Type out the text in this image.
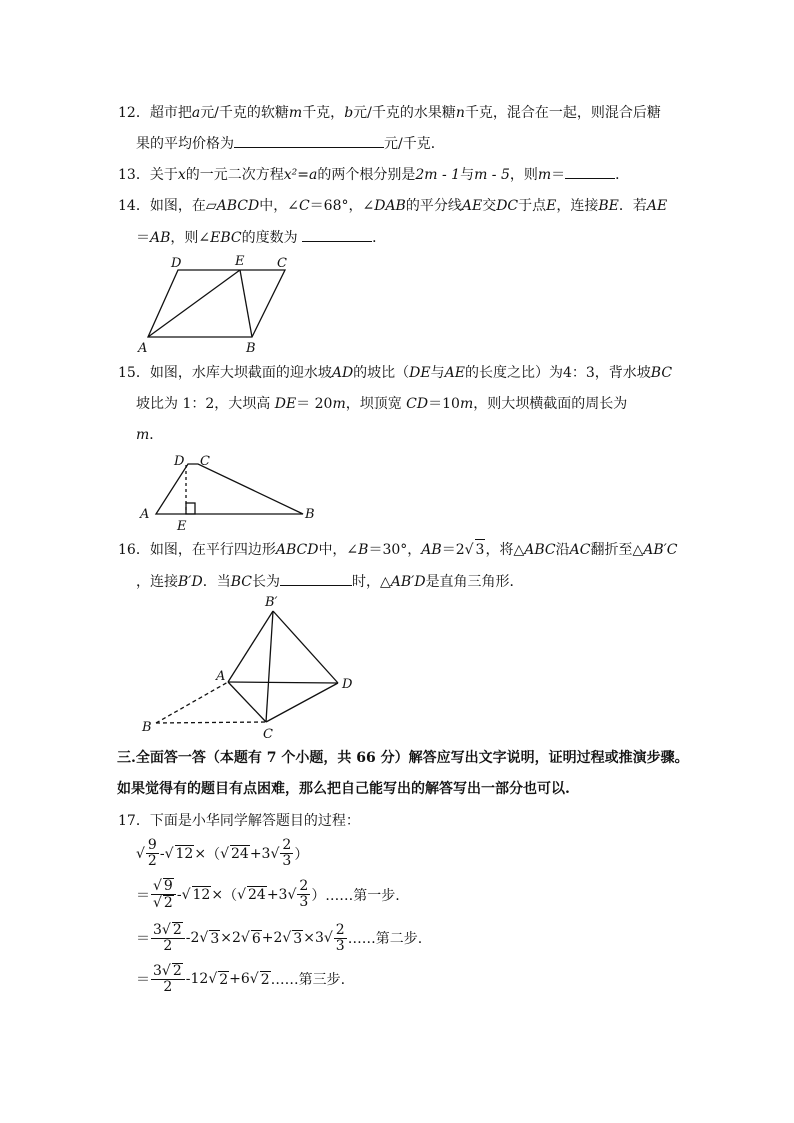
12．超市把a元/千克的软糖m千克，b元/千克的水果糖n千克，混合在一起，则混合后糖
果的平均价格为	元/千克．
13．关于x的一元二次方程x²=a的两个根分别是2m - 1与m - 5，则m＝	．
14．如图，在▱ABCD中，∠C＝68°，∠DAB的平分线AE交DC于点E，连接BE．若AE
＝AB，则∠EBC的度数为	．
D	E	C
A	B
15．如图，水库大坝截面的迎水坡AD的坡比（DE与AE的长度之比）为4：3，背水坡BC
坡比为 1：2，大坝高 DE＝ 20m，坝顶宽 CD＝10m，则大坝横截面的周长为
m．
D C
A
E
B
16．如图，在平行四边形ABCD中，∠B＝30°，AB＝2√ 3，将△ABC沿AC翻折至△AB′C
，连接B′D．当BC长为	时，△AB′D是直角三角形．
B′
A
D
B	C
三.全面答一答（本题有 7 个小题，共 66 分）解答应写出文字说明，证明过程或推演步骤。
如果觉得有的题目有点困难，那么把自己能写出的解答写出一部分也可以.
17．下面是小华同学解答题目的过程：
√ $\frac{9}{2}$ - √ 12 × （ √ 24 + 3 √ $\frac{2}{3}$ ）
＝ $\frac{√ 9}{√ 2}$ - √ 12 × （ √ 24 + 3 √ $\frac{2}{3}$ ）……第一步.
＝ $\frac{3√ 2}{2} -2$ √ 3 ×2 √ 6 +2 √ 3 ×3 √ $\frac{2}{3}$ ……第二步.
＝ $\frac{3√ 2}{2} -12$ √ 2 +6 √ 2 ……第三步.
